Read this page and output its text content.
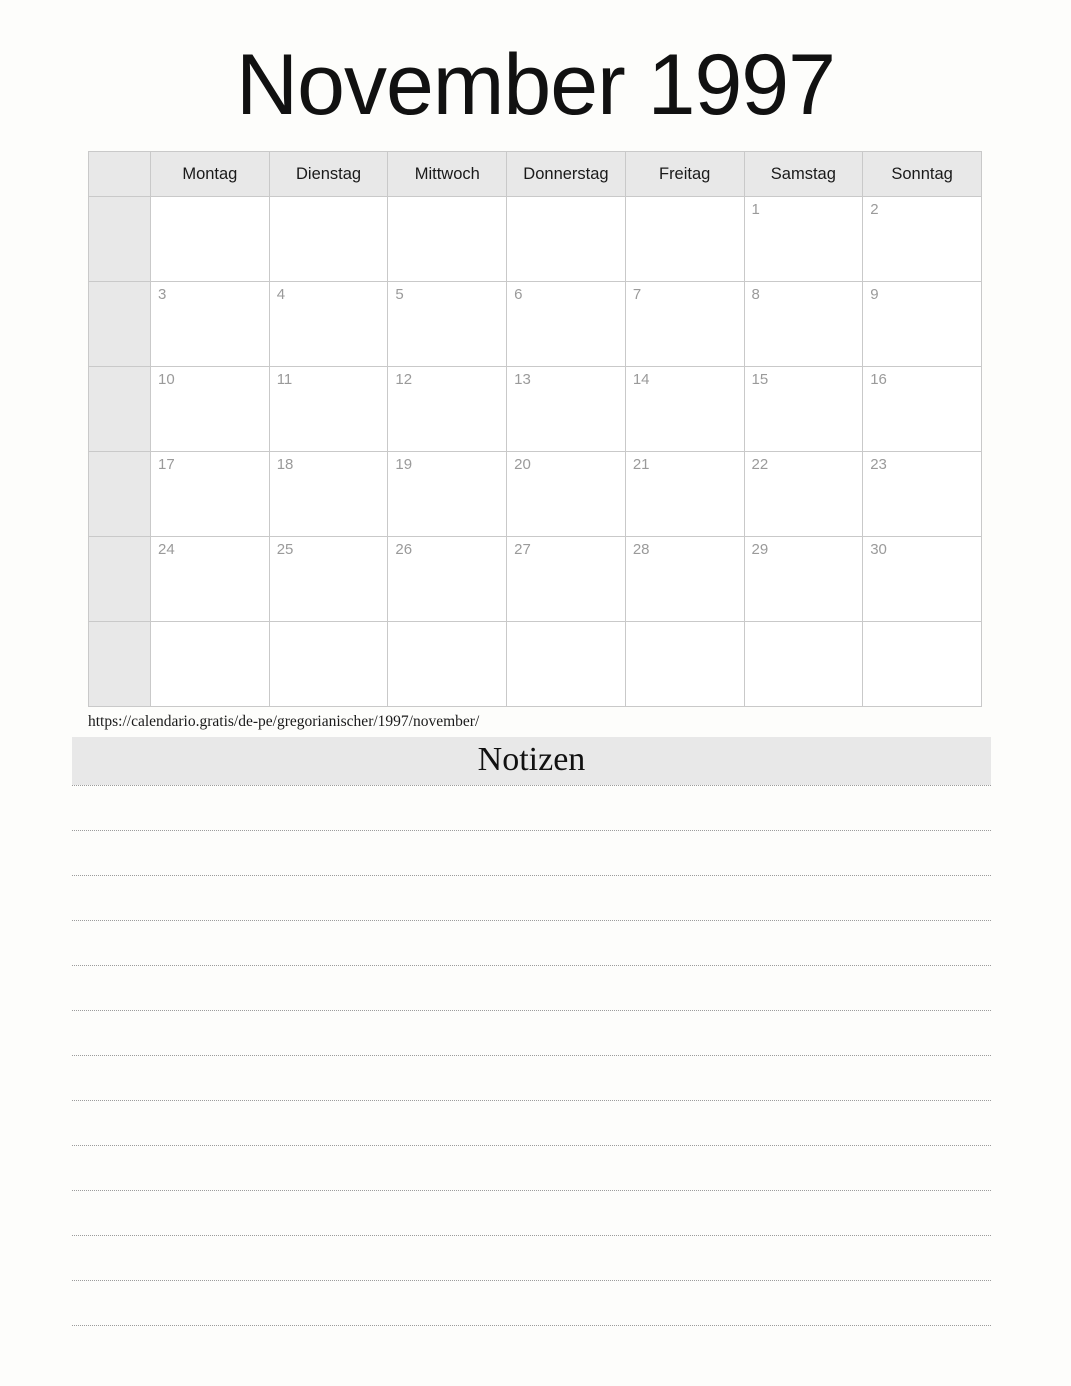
November 1997
	Montag	Dienstag	Mittwoch	Donnerstag	Freitag	Samstag	Sonntag

						1	2

	3	4	5	6	7	8	9

	10	11	12	13	14	15	16

	17	18	19	20	21	22	23

	24	25	26	27	28	29	30

https://calendario.gratis/de-pe/gregorianischer/1997/november/
Notizen
